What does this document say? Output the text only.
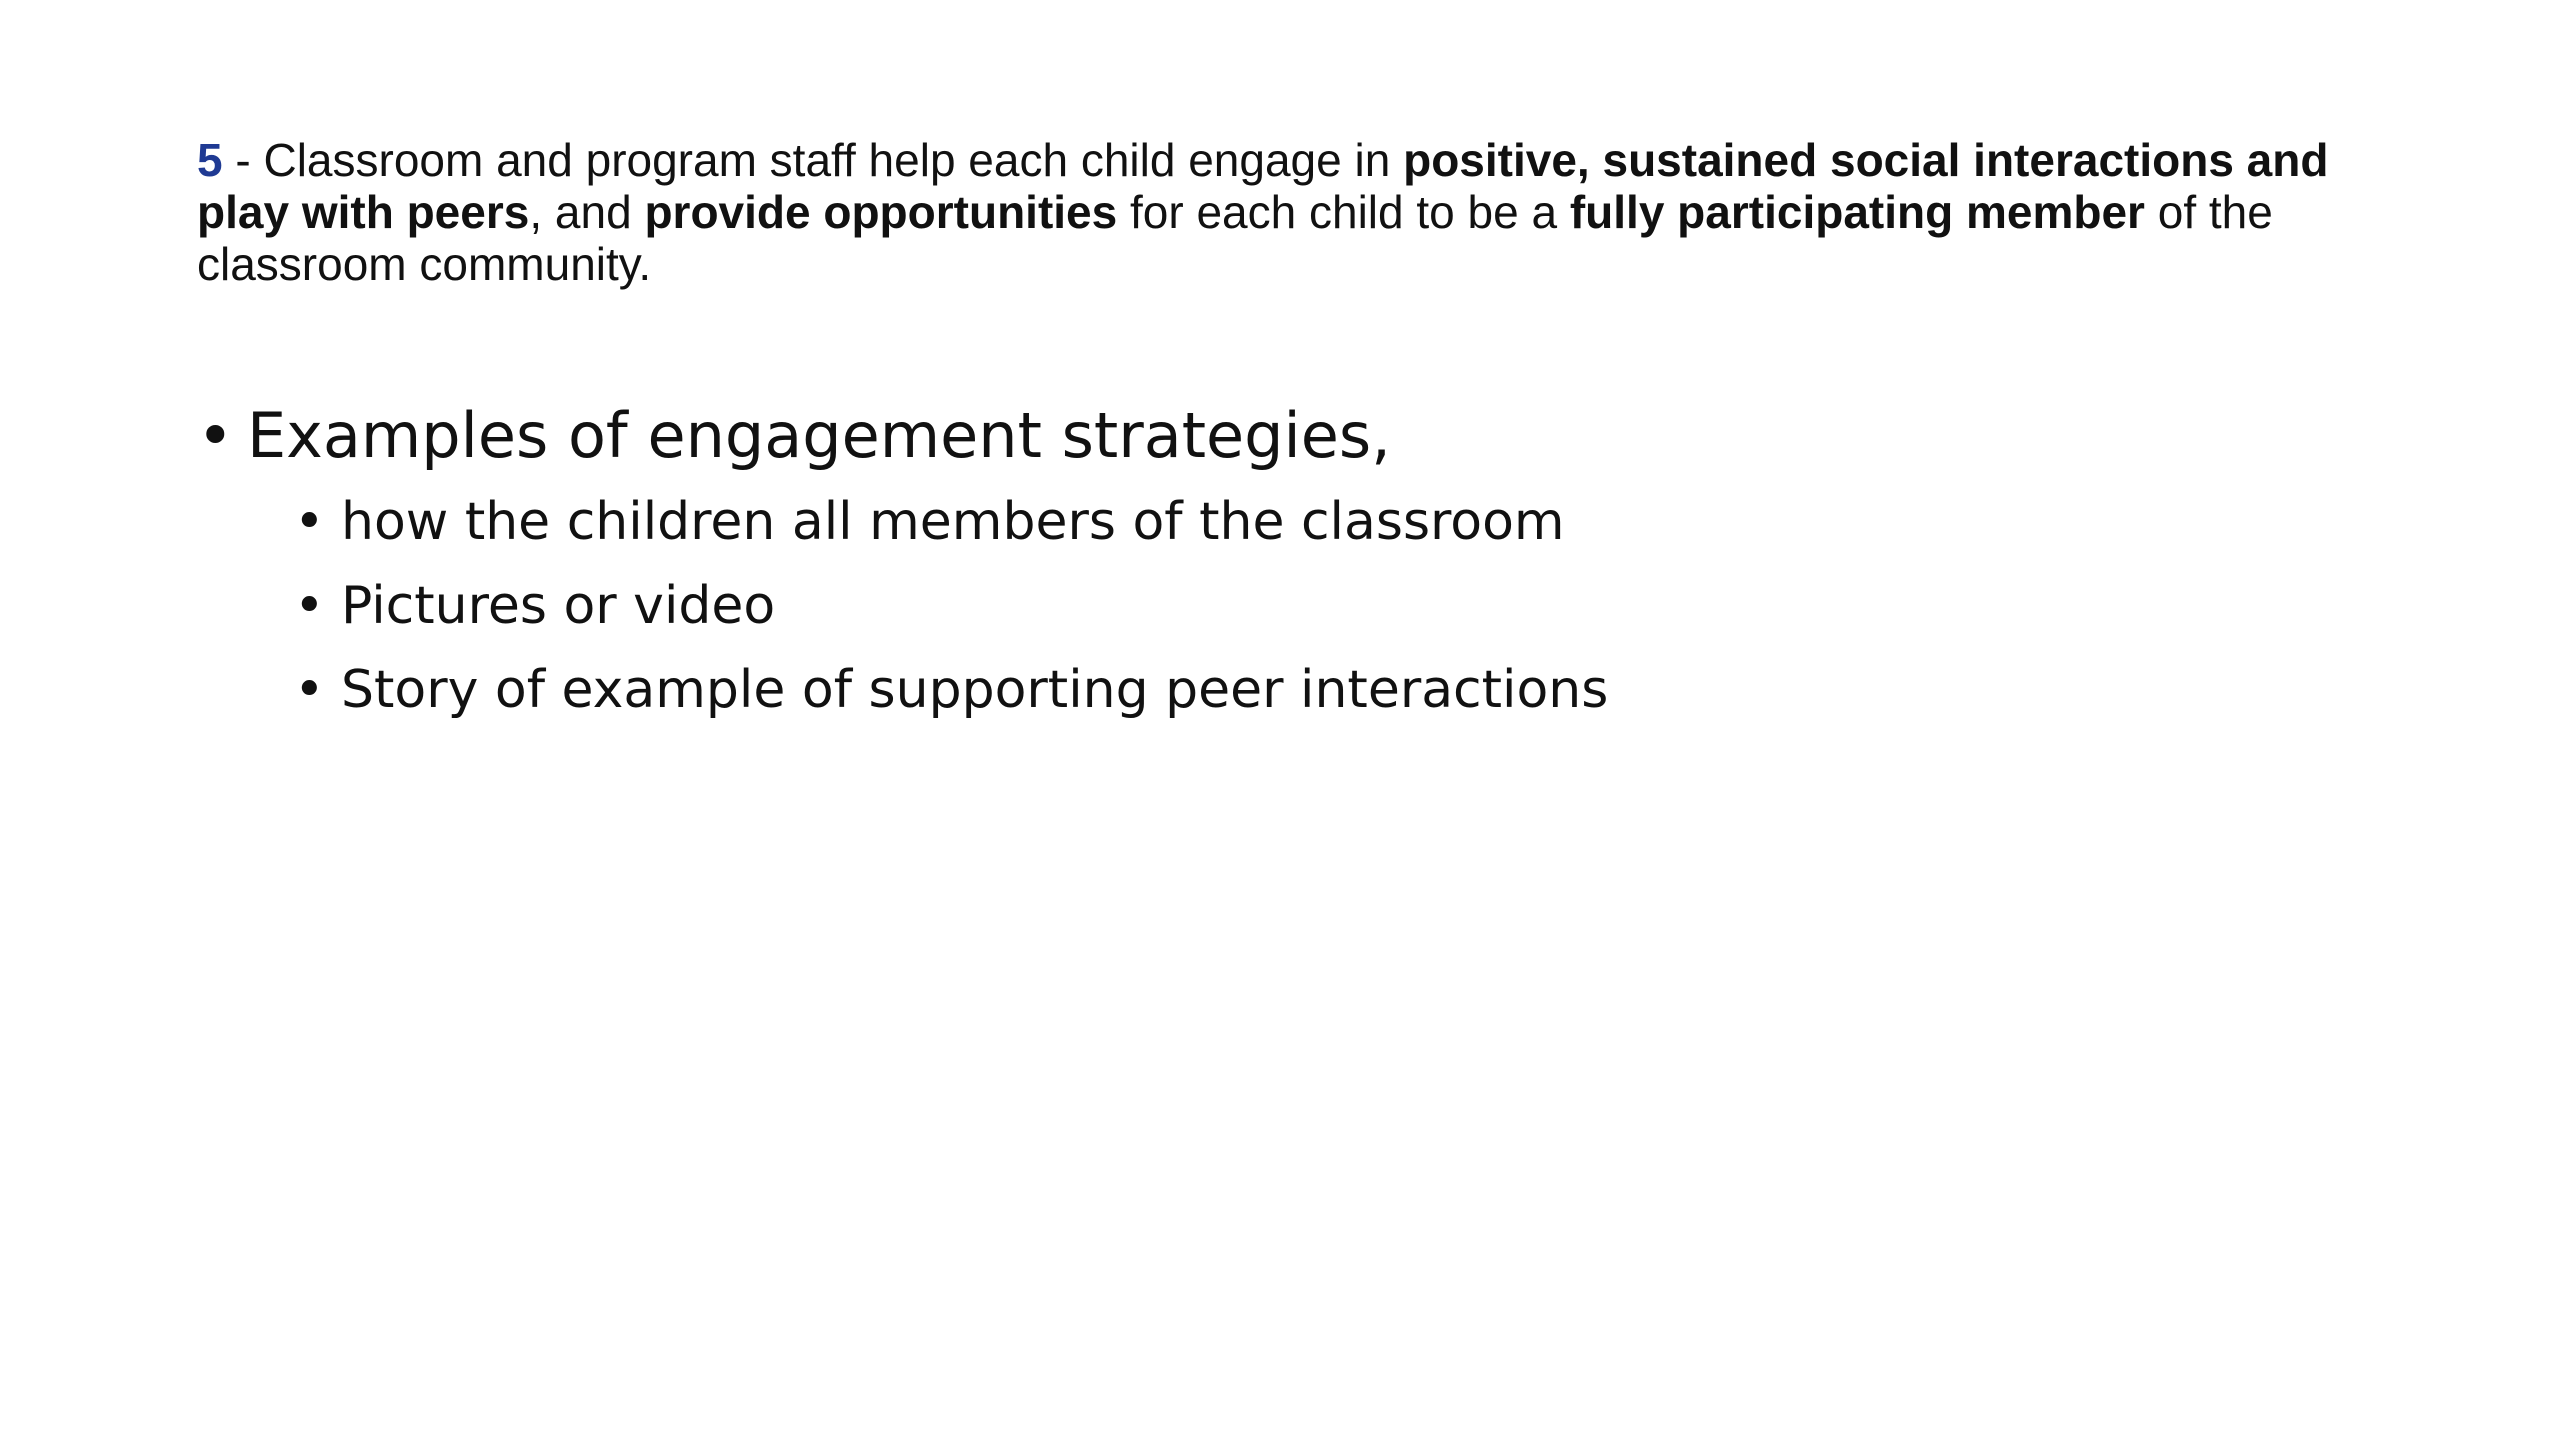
5 - Classroom and program staff help each child engage in positive, sustained social interactions and play with peers, and provide opportunities for each child to be a fully participating member of the classroom community.
• Examples of engagement strategies,
• how the children all members of the classroom
• Pictures or video
• Story of example of supporting peer interactions
